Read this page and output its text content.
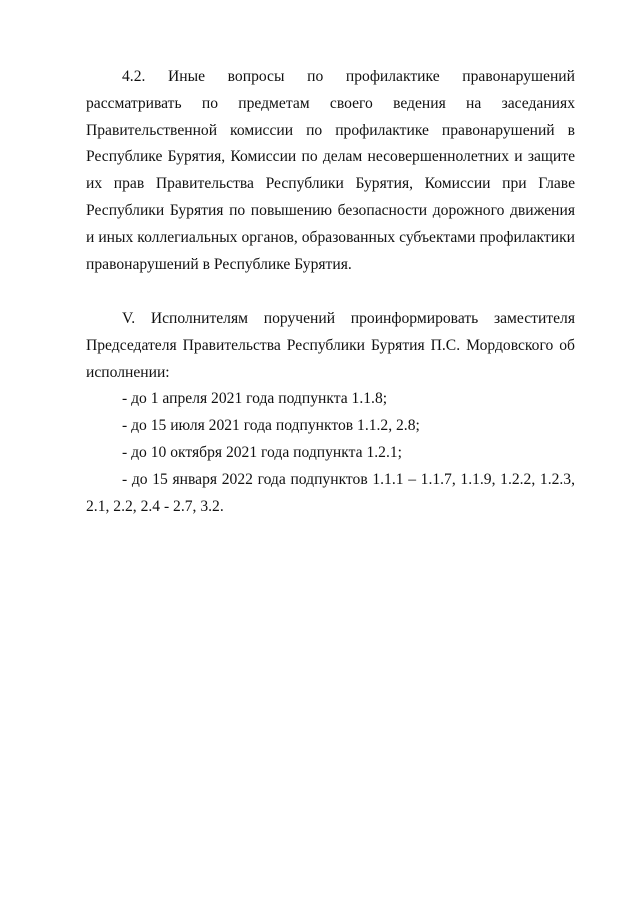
4.2. Иные вопросы по профилактике правонарушений рассматривать по предметам своего ведения на заседаниях Правительственной комиссии по профилактике правонарушений в Республике Бурятия, Комиссии по делам несовершеннолетних и защите их прав Правительства Республики Бурятия, Комиссии при Главе Республики Бурятия по повышению безопасности дорожного движения и иных коллегиальных органов, образованных субъектами профилактики правонарушений в Республике Бурятия.

V. Исполнителям поручений проинформировать заместителя Председателя Правительства Республики Бурятия П.С. Мордовского об исполнении:

- до 1 апреля 2021 года подпункта 1.1.8;

- до 15 июля 2021 года подпунктов 1.1.2, 2.8;

- до 10 октября 2021 года подпункта 1.2.1;

- до 15 января 2022 года подпунктов 1.1.1 – 1.1.7, 1.1.9, 1.2.2, 1.2.3, 2.1, 2.2, 2.4 - 2.7, 3.2.
